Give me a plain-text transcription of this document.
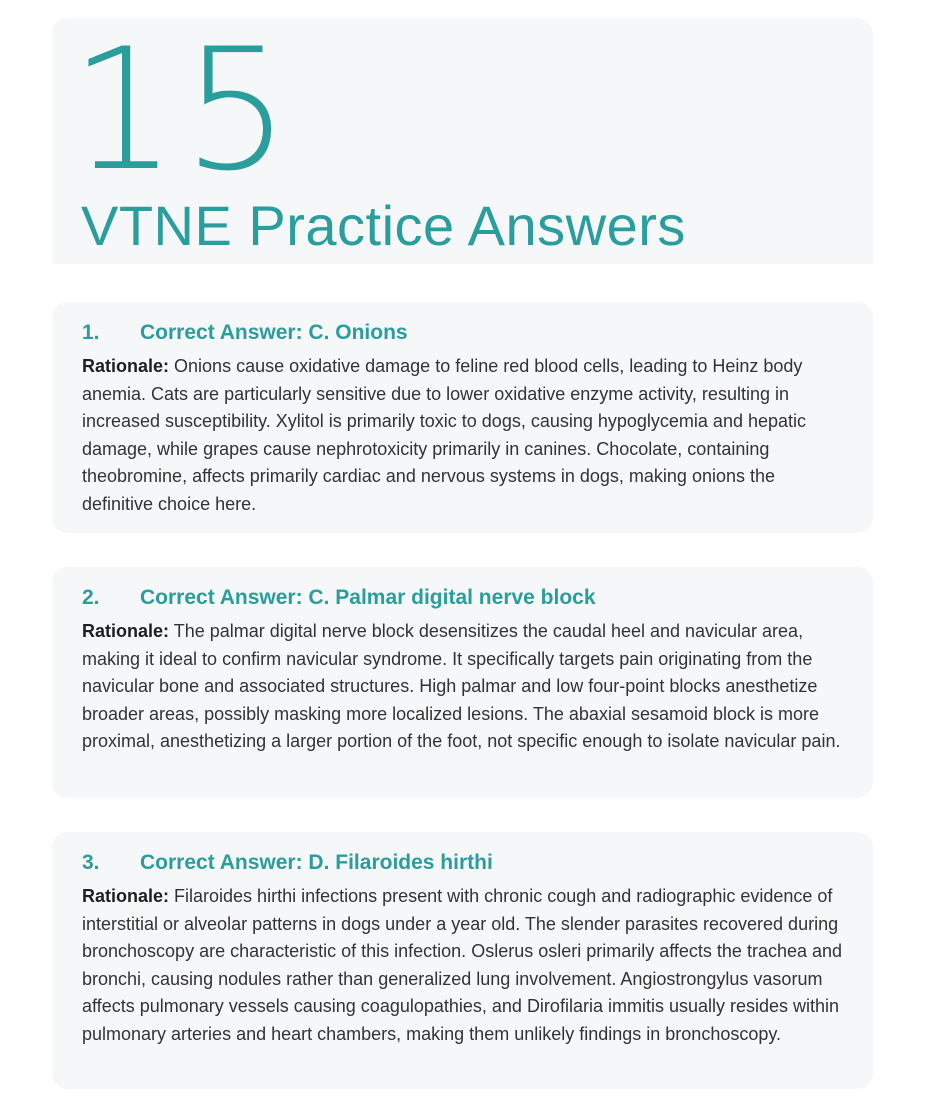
15
VTNE Practice Answers
1.	Correct Answer: C. Onions

Rationale: Onions cause oxidative damage to feline red blood cells, leading to Heinz body anemia. Cats are particularly sensitive due to lower oxidative enzyme activity, resulting in increased susceptibility. Xylitol is primarily toxic to dogs, causing hypoglycemia and hepatic damage, while grapes cause nephrotoxicity primarily in canines. Chocolate, containing theobromine, affects primarily cardiac and nervous systems in dogs, making onions the definitive choice here.

2.	Correct Answer: C. Palmar digital nerve block

Rationale: The palmar digital nerve block desensitizes the caudal heel and navicular area, making it ideal to confirm navicular syndrome. It specifically targets pain originating from the navicular bone and associated structures. High palmar and low four-point blocks anesthetize broader areas, possibly masking more localized lesions. The abaxial sesamoid block is more proximal, anesthetizing a larger portion of the foot, not specific enough to isolate navicular pain.

3.	Correct Answer: D. Filaroides hirthi

Rationale: Filaroides hirthi infections present with chronic cough and radiographic evidence of interstitial or alveolar patterns in dogs under a year old. The slender parasites recovered during bronchoscopy are characteristic of this infection. Oslerus osleri primarily affects the trachea and bronchi, causing nodules rather than generalized lung involvement. Angiostrongylus vasorum affects pulmonary vessels causing coagulopathies, and Dirofilaria immitis usually resides within pulmonary arteries and heart chambers, making them unlikely findings in bronchoscopy.
